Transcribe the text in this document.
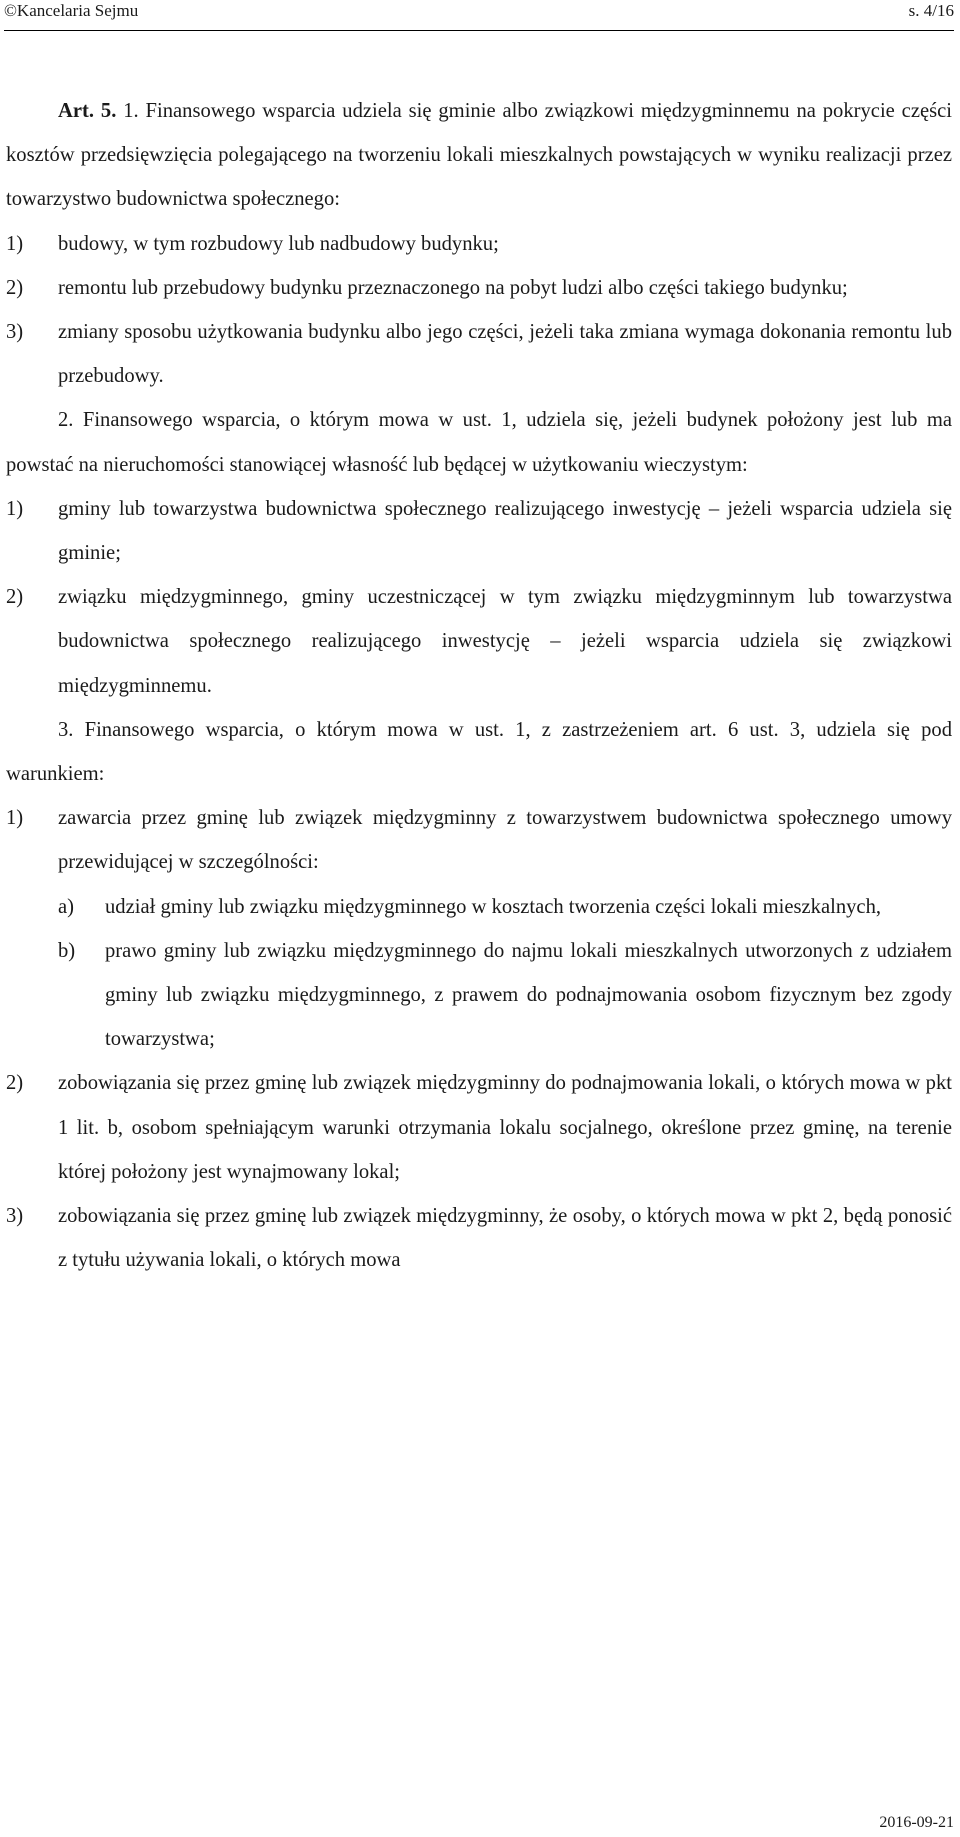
©Kancelaria Sejmu	s. 4/16

Art. 5. 1. Finansowego wsparcia udziela się gminie albo związkowi międzygminnemu na pokrycie części kosztów przedsięwzięcia polegającego na tworzeniu lokali mieszkalnych powstających w wyniku realizacji przez towarzystwo budownictwa społecznego:

1)	budowy, w tym rozbudowy lub nadbudowy budynku;
2)	remontu lub przebudowy budynku przeznaczonego na pobyt ludzi albo części takiego budynku;
3)	zmiany sposobu użytkowania budynku albo jego części, jeżeli taka zmiana wymaga dokonania remontu lub przebudowy.

2. Finansowego wsparcia, o którym mowa w ust. 1, udziela się, jeżeli budynek położony jest lub ma powstać na nieruchomości stanowiącej własność lub będącej w użytkowaniu wieczystym:

1)	gminy lub towarzystwa budownictwa społecznego realizującego inwestycję – jeżeli wsparcia udziela się gminie;
2)	związku międzygminnego, gminy uczestniczącej w tym związku międzygminnym lub towarzystwa budownictwa społecznego realizującego inwestycję – jeżeli wsparcia udziela się związkowi międzygminnemu.

3. Finansowego wsparcia, o którym mowa w ust. 1, z zastrzeżeniem art. 6 ust. 3, udziela się pod warunkiem:

1)	zawarcia przez gminę lub związek międzygminny z towarzystwem budownictwa społecznego umowy przewidującej w szczególności:
a)	udział gminy lub związku międzygminnego w kosztach tworzenia części lokali mieszkalnych,
b)	prawo gminy lub związku międzygminnego do najmu lokali mieszkalnych utworzonych z udziałem gminy lub związku międzygminnego, z prawem do podnajmowania osobom fizycznym bez zgody towarzystwa;
2)	zobowiązania się przez gminę lub związek międzygminny do podnajmowania lokali, o których mowa w pkt 1 lit. b, osobom spełniającym warunki otrzymania lokalu socjalnego, określone przez gminę, na terenie której położony jest wynajmowany lokal;
3)	zobowiązania się przez gminę lub związek międzygminny, że osoby, o których mowa w pkt 2, będą ponosić z tytułu używania lokali, o których mowa
2016-09-21
